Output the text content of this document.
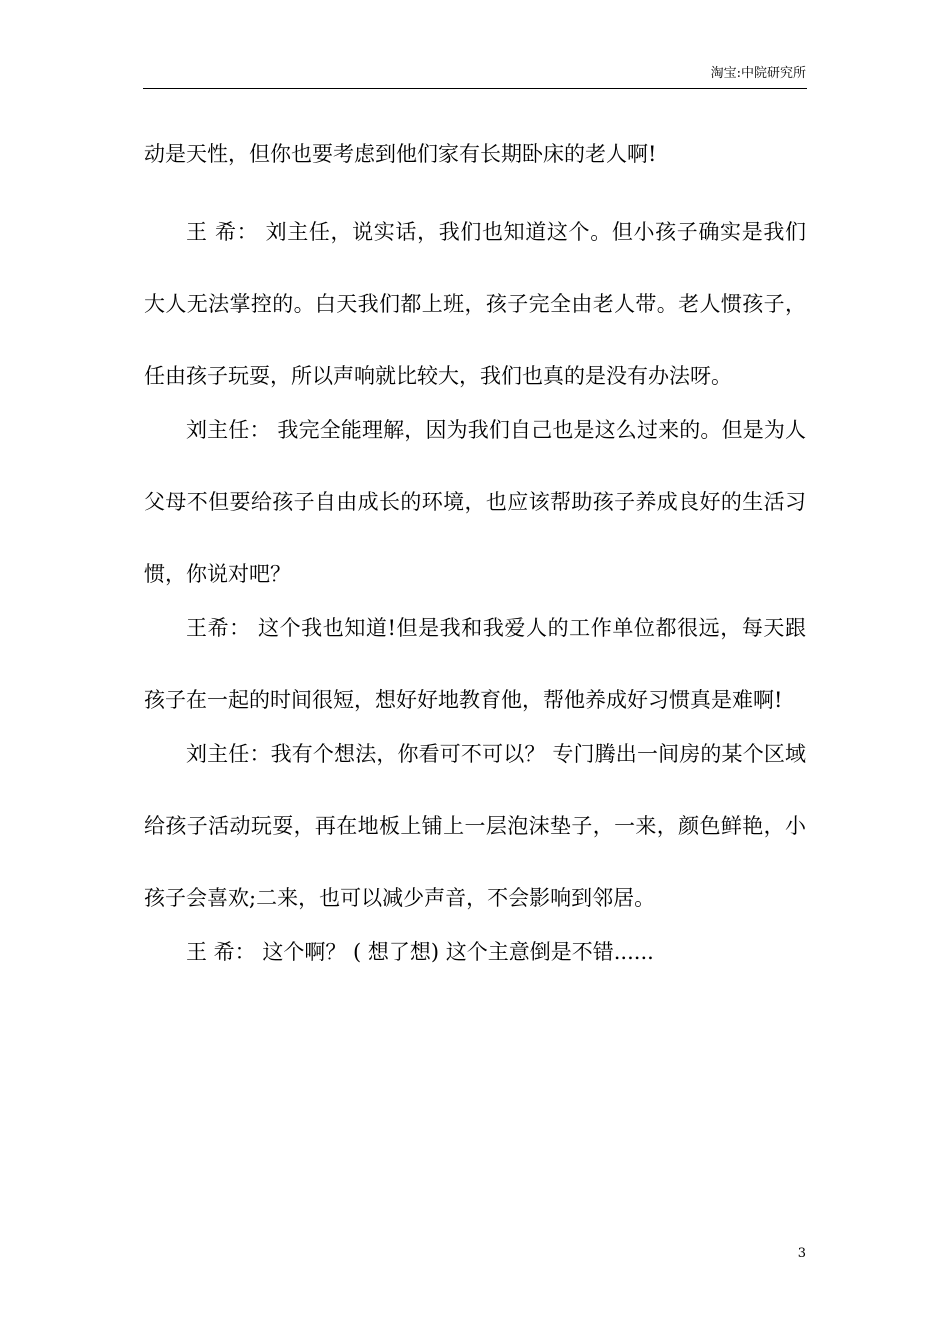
淘宝:中院研究所

动是天性，但你也要考虑到他们家有长期卧床的老人啊!

王 希： 刘主任，说实话，我们也知道这个。但小孩子确实是我们大人无法掌控的。白天我们都上班，孩子完全由老人带。老人惯孩子，任由孩子玩耍，所以声响就比较大，我们也真的是没有办法呀。

刘主任： 我完全能理解，因为我们自己也是这么过来的。但是为人父母不但要给孩子自由成长的环境，也应该帮助孩子养成良好的生活习惯，你说对吧？

王希： 这个我也知道!但是我和我爱人的工作单位都很远，每天跟孩子在一起的时间很短，想好好地教育他，帮他养成好习惯真是难啊!

刘主任：我有个想法，你看可不可以？ 专门腾出一间房的某个区域给孩子活动玩耍，再在地板上铺上一层泡沫垫子，一来，颜色鲜艳，小孩子会喜欢;二来，也可以减少声音，不会影响到邻居。

王 希： 这个啊？ ( 想了想) 这个主意倒是不错......

3
